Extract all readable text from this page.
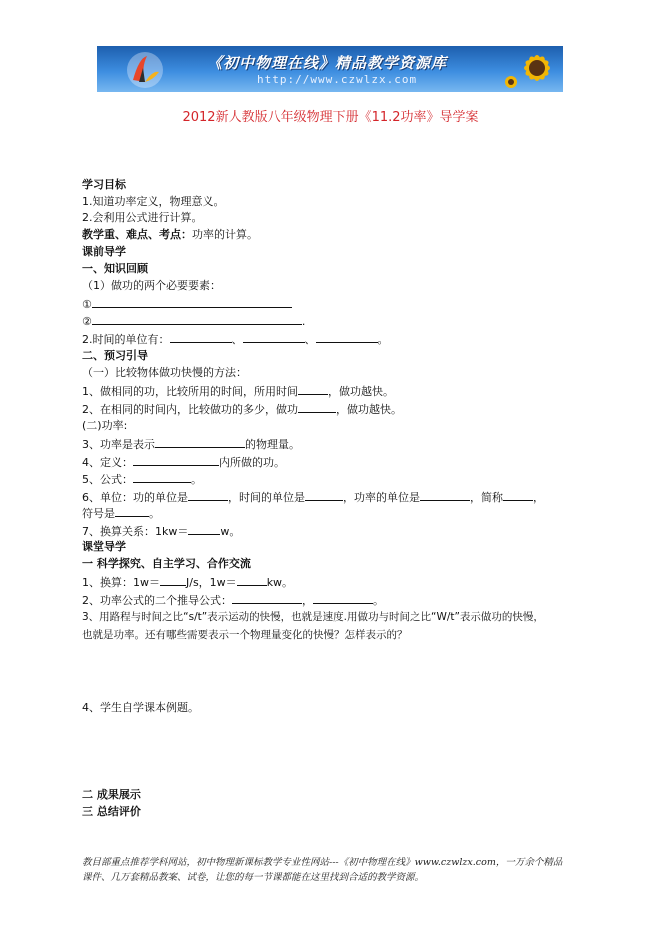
《初中物理在线》精品教学资源库
http://www.czwlzx.com
2012新人教版八年级物理下册《11.2功率》导学案
学习目标
1.知道功率定义，物理意义。
2.会利用公式进行计算。
教学重、难点、考点：功率的计算。
课前导学
一、知识回顾
（1）做功的两个必要要素：
①
②	.
2.时间的单位有：	、	、	。
二、预习引导
（一）比较物体做功快慢的方法：
1、做相同的功，比较所用的时间，所用时间	，做功越快。
2、在相同的时间内，比较做功的多少，做功	，做功越快。
(二)功率:
3、功率是表示	的物理量。
4、定义：	内所做的功。
5、公式：	。
6、单位：功的单位是	，时间的单位是	，功率的单位是	，简称	，
符号是	。
7、换算关系：1kw＝	w。
课堂导学
一 科学探究、自主学习、合作交流
1、换算：1w＝ J/s，1w＝	kw。
2、功率公式的二个推导公式：	，	。
3、用路程与时间之比“s/t”表示运动的快慢，也就是速度.用做功与时间之比“W/t”表示做功的快慢，
也就是功率。还有哪些需要表示一个物理量变化的快慢？怎样表示的？
4、学生自学课本例题。
二 成果展示
三 总结评价
教目部重点推荐学科网站，初中物理新课标教学专业性网站---《初中物理在线》www.czwlzx.com，一万余个精品
课件、几万套精品教案、试卷，让您的每一节课都能在这里找到合适的教学资源。
